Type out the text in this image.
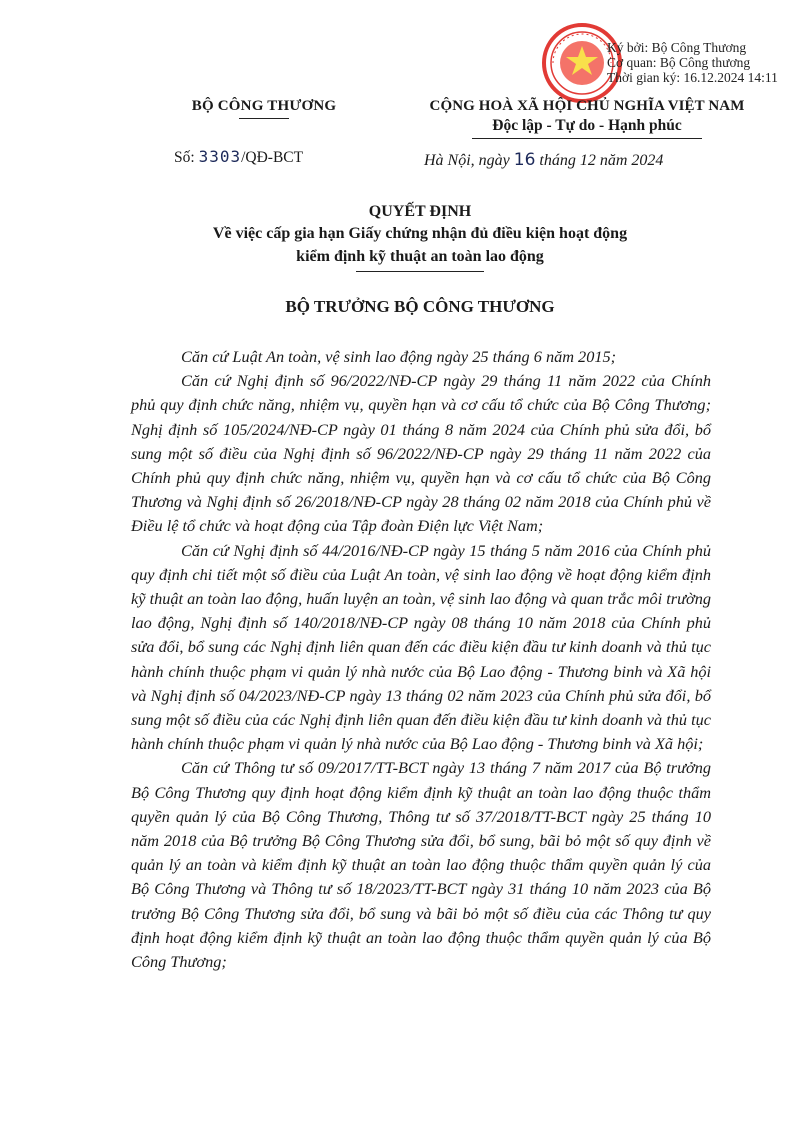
Ký bởi: Bộ Công Thương
Cơ quan: Bộ Công thương
Thời gian ký: 16.12.2024 14:11
BỘ CÔNG THƯƠNG	CỘNG HOÀ XÃ HỘI CHỦ NGHĨA VIỆT NAM
Độc lập - Tự do - Hạnh phúc
Số: 3303/QĐ-BCT	Hà Nội, ngày 16 tháng 12 năm 2024
QUYẾT ĐỊNH
Về việc cấp gia hạn Giấy chứng nhận đủ điều kiện hoạt động
kiểm định kỹ thuật an toàn lao động
BỘ TRƯỞNG BỘ CÔNG THƯƠNG

Căn cứ Luật An toàn, vệ sinh lao động ngày 25 tháng 6 năm 2015;

Căn cứ Nghị định số 96/2022/NĐ-CP ngày 29 tháng 11 năm 2022 của Chính phủ quy định chức năng, nhiệm vụ, quyền hạn và cơ cấu tổ chức của Bộ Công Thương; Nghị định số 105/2024/NĐ-CP ngày 01 tháng 8 năm 2024 của Chính phủ sửa đổi, bổ sung một số điều của Nghị định số 96/2022/NĐ-CP ngày 29 tháng 11 năm 2022 của Chính phủ quy định chức năng, nhiệm vụ, quyền hạn và cơ cấu tổ chức của Bộ Công Thương và Nghị định số 26/2018/NĐ-CP ngày 28 tháng 02 năm 2018 của Chính phủ về Điều lệ tổ chức và hoạt động của Tập đoàn Điện lực Việt Nam;

Căn cứ Nghị định số 44/2016/NĐ-CP ngày 15 tháng 5 năm 2016 của Chính phủ quy định chi tiết một số điều của Luật An toàn, vệ sinh lao động về hoạt động kiểm định kỹ thuật an toàn lao động, huấn luyện an toàn, vệ sinh lao động và quan trắc môi trường lao động, Nghị định số 140/2018/NĐ-CP ngày 08 tháng 10 năm 2018 của Chính phủ sửa đổi, bổ sung các Nghị định liên quan đến các điều kiện đầu tư kinh doanh và thủ tục hành chính thuộc phạm vi quản lý nhà nước của Bộ Lao động - Thương binh và Xã hội và Nghị định số 04/2023/NĐ-CP ngày 13 tháng 02 năm 2023 của Chính phủ sửa đổi, bổ sung một số điều của các Nghị định liên quan đến điều kiện đầu tư kinh doanh và thủ tục hành chính thuộc phạm vi quản lý nhà nước của Bộ Lao động - Thương binh và Xã hội;

Căn cứ Thông tư số 09/2017/TT-BCT ngày 13 tháng 7 năm 2017 của Bộ trưởng Bộ Công Thương quy định hoạt động kiểm định kỹ thuật an toàn lao động thuộc thẩm quyền quản lý của Bộ Công Thương, Thông tư số 37/2018/TT-BCT ngày 25 tháng 10 năm 2018 của Bộ trưởng Bộ Công Thương sửa đổi, bổ sung, bãi bỏ một số quy định về quản lý an toàn và kiểm định kỹ thuật an toàn lao động thuộc thẩm quyền quản lý của Bộ Công Thương và Thông tư số 18/2023/TT-BCT ngày 31 tháng 10 năm 2023 của Bộ trưởng Bộ Công Thương sửa đổi, bổ sung và bãi bỏ một số điều của các Thông tư quy định hoạt động kiểm định kỹ thuật an toàn lao động thuộc thẩm quyền quản lý của Bộ Công Thương;
